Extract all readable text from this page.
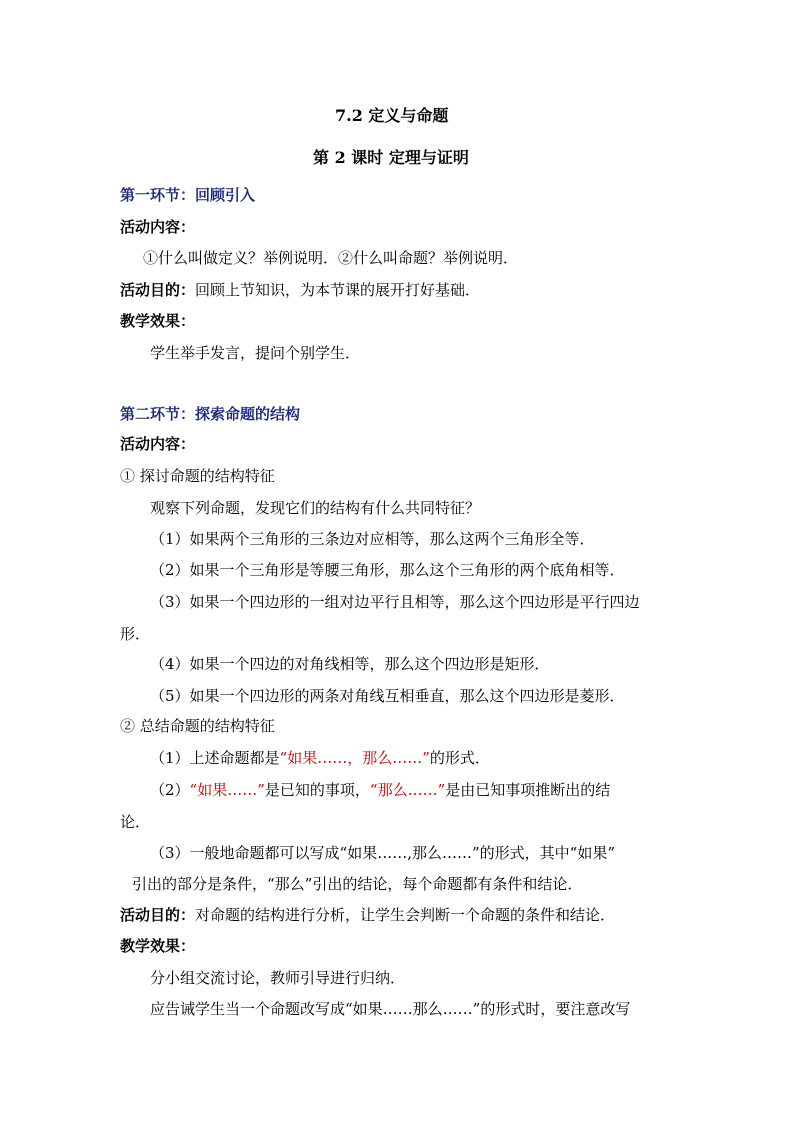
7.2 定义与命题
第 2 课时 定理与证明
第一环节：回顾引入
活动内容：
①什么叫做定义？举例说明．②什么叫命题？举例说明．
活动目的：回顾上节知识，为本节课的展开打好基础．
教学效果：
学生举手发言，提问个别学生．
第二环节：探索命题的结构
活动内容：
① 探讨命题的结构特征
观察下列命题，发现它们的结构有什么共同特征？
（1）如果两个三角形的三条边对应相等，那么这两个三角形全等．
（2）如果一个三角形是等腰三角形，那么这个三角形的两个底角相等．
（3）如果一个四边形的一组对边平行且相等，那么这个四边形是平行四边
形．
（4）如果一个四边的对角线相等，那么这个四边形是矩形．
（5）如果一个四边形的两条对角线互相垂直，那么这个四边形是菱形．
② 总结命题的结构特征
（1）上述命题都是“如果……，那么……”的形式．
（2）“如果……”是已知的事项，“那么……”是由已知事项推断出的结
论．
（3）一般地命题都可以写成“如果……,那么……”的形式，其中“如果”
引出的部分是条件，“那么”引出的结论，每个命题都有条件和结论．
活动目的：对命题的结构进行分析，让学生会判断一个命题的条件和结论．
教学效果：
分小组交流讨论，教师引导进行归纳．
应告诫学生当一个命题改写成“如果……那么……”的形式时，要注意改写
